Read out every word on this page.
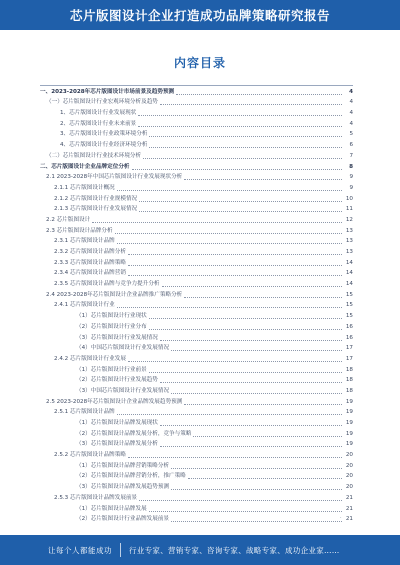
芯片版图设计企业打造成功品牌策略研究报告
内容目录
一、2023-2028年芯片版图设计市场前景及趋势预测	4
（一）芯片版图设计行业宏观环境分析及趋势	4
1、芯片版图设计行业发展现状	4
2、芯片版图设计行业未来前景	4
3、芯片版图设计行业政策环境分析	5
4、芯片版图设计行业经济环境分析	6
（二）芯片版图设计行业技术环境分析	7
二、芯片版图设计企业品牌定位分析	8
2.1 2023-2028年中国芯片版图设计行业发展现状分析	9
2.1.1 芯片版图设计概况	9
2.1.2 芯片版图设计行业规模情况	10
2.1.3 芯片版图设计行业发展情况	11
2.2 芯片版图设计	12
2.3 芯片版图设计品牌分析	13
2.3.1 芯片版图设计品牌	13
2.3.2 芯片版图设计品牌分析	13
2.3.3 芯片版图设计品牌策略	14
2.3.4 芯片版图设计品牌营销	14
2.3.5 芯片版图设计品牌与竞争力提升分析	14
2.4 2023-2028年芯片版图设计企业品牌推广策略分析	15
2.4.1 芯片版图设计行业	15
（1）芯片版图设计行业现状	15
（2）芯片版图设计行业分布	16
（3）芯片版图设计行业发展情况	16
（4）中国芯片版图设计行业发展情况	17
2.4.2 芯片版图设计行业发展	17
（1）芯片版图设计行业前景	18
（2）芯片版图设计行业发展趋势	18
（3）中国芯片版图设计行业发展情况	18
2.5 2023-2028年芯片版图设计企业品牌发展趋势预测	19
2.5.1 芯片版图设计品牌	19
（1）芯片版图设计品牌发展现状	19
（2）芯片版图设计品牌发展分析，竞争与策略	19
（3）芯片版图设计品牌发展分析	19
2.5.2 芯片版图设计品牌策略	20
（1）芯片版图设计品牌营销策略分析	20
（2）芯片版图设计品牌营销分析，推广策略	20
（3）芯片版图设计品牌发展趋势预测	20
2.5.3 芯片版图设计品牌发展前景	21
（1）芯片版图设计品牌发展	21
（2）芯片版图设计行业品牌发展前景	21
·
让每个人都能成功 行业专家、营销专家、咨询专家、战略专家、成功企业家……
